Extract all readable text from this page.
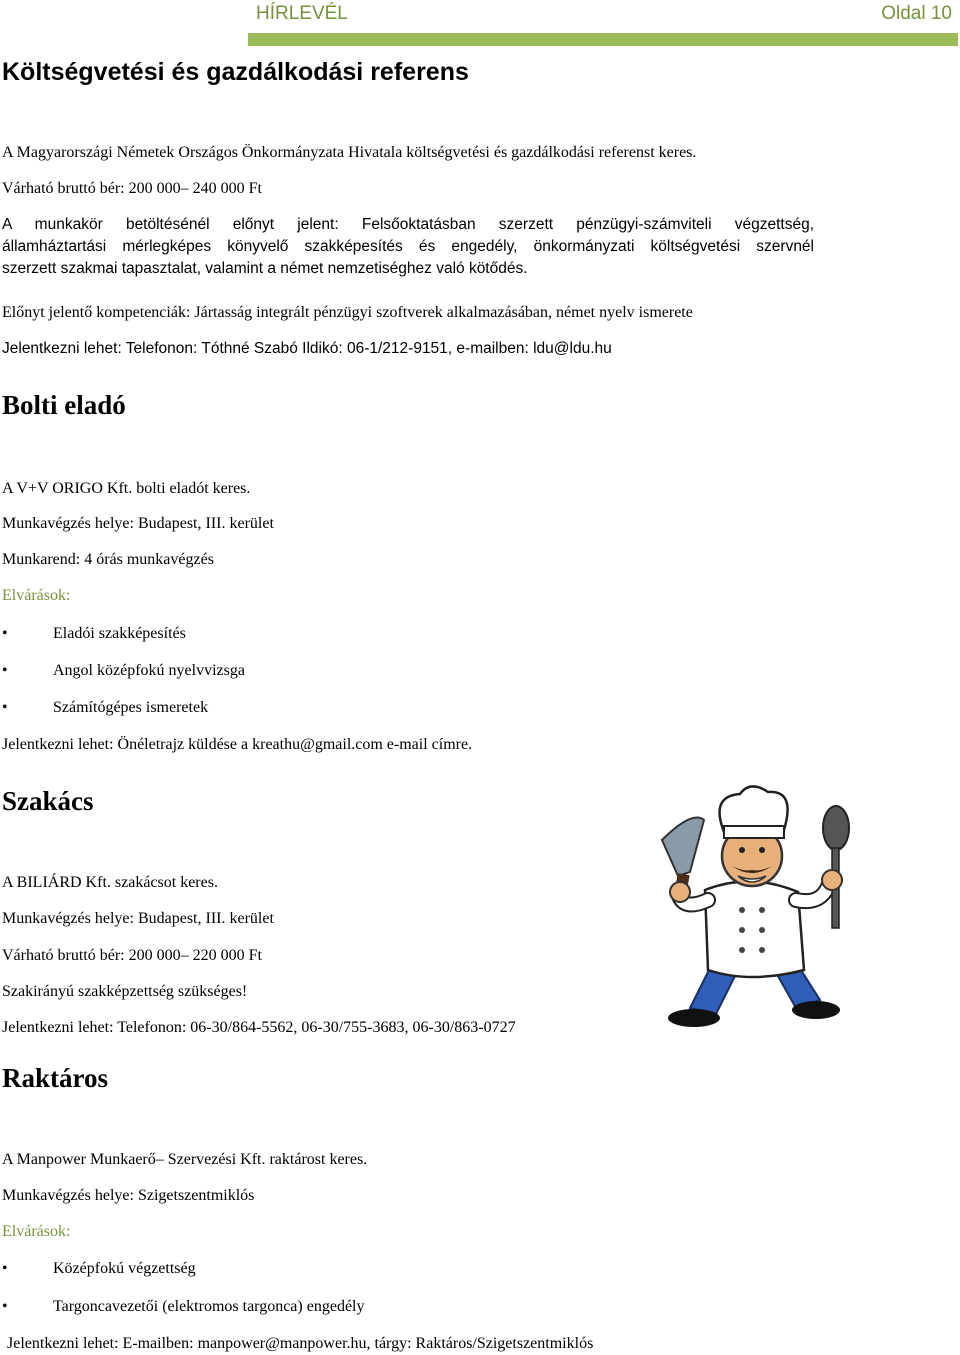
HÍRLEVÉL	Oldal 10
Költségvetési és gazdálkodási referens

A Magyarországi Németek Országos Önkormányzata Hivatala költségvetési és gazdálkodási referenst keres.

Várható bruttó bér: 200 000– 240 000 Ft

A munkakör betöltésénél előnyt jelent: Felsőoktatásban szerzett pénzügyi-számviteli végzettség,
államháztartási mérlegképes könyvelő szakképesítés és engedély, önkormányzati költségvetési szervnél
szerzett szakmai tapasztalat, valamint a német nemzetiséghez való kötődés.

Előnyt jelentő kompetenciák: Jártasság integrált pénzügyi szoftverek alkalmazásában, német nyelv ismerete

Jelentkezni lehet: Telefonon: Tóthné Szabó Ildikó: 06-1/212-9151, e-mailben: ldu@ldu.hu

Bolti eladó

A V+V ORIGO Kft. bolti eladót keres.

Munkavégzés helye: Budapest, III. kerület

Munkarend: 4 órás munkavégzés

Elvárások:

•	Eladói szakképesítés
•	Angol középfokú nyelvvizsga
•	Számítógépes ismeretek

Jelentkezni lehet: Önéletrajz küldése a kreathu@gmail.com e-mail címre.

Szakács

A BILIÁRD Kft. szakácsot keres.

Munkavégzés helye: Budapest, III. kerület

Várható bruttó bér: 200 000– 220 000 Ft

Szakirányú szakképzettség szükséges!

Jelentkezni lehet: Telefonon: 06-30/864-5562, 06-30/755-3683, 06-30/863-0727

Raktáros

A Manpower Munkaerő– Szervezési Kft. raktárost keres.

Munkavégzés helye: Szigetszentmiklós

Elvárások:

•	Középfokú végzettség
•	Targoncavezetői (elektromos targonca) engedély

Jelentkezni lehet: E-mailben: manpower@manpower.hu, tárgy: Raktáros/Szigetszentmiklós
